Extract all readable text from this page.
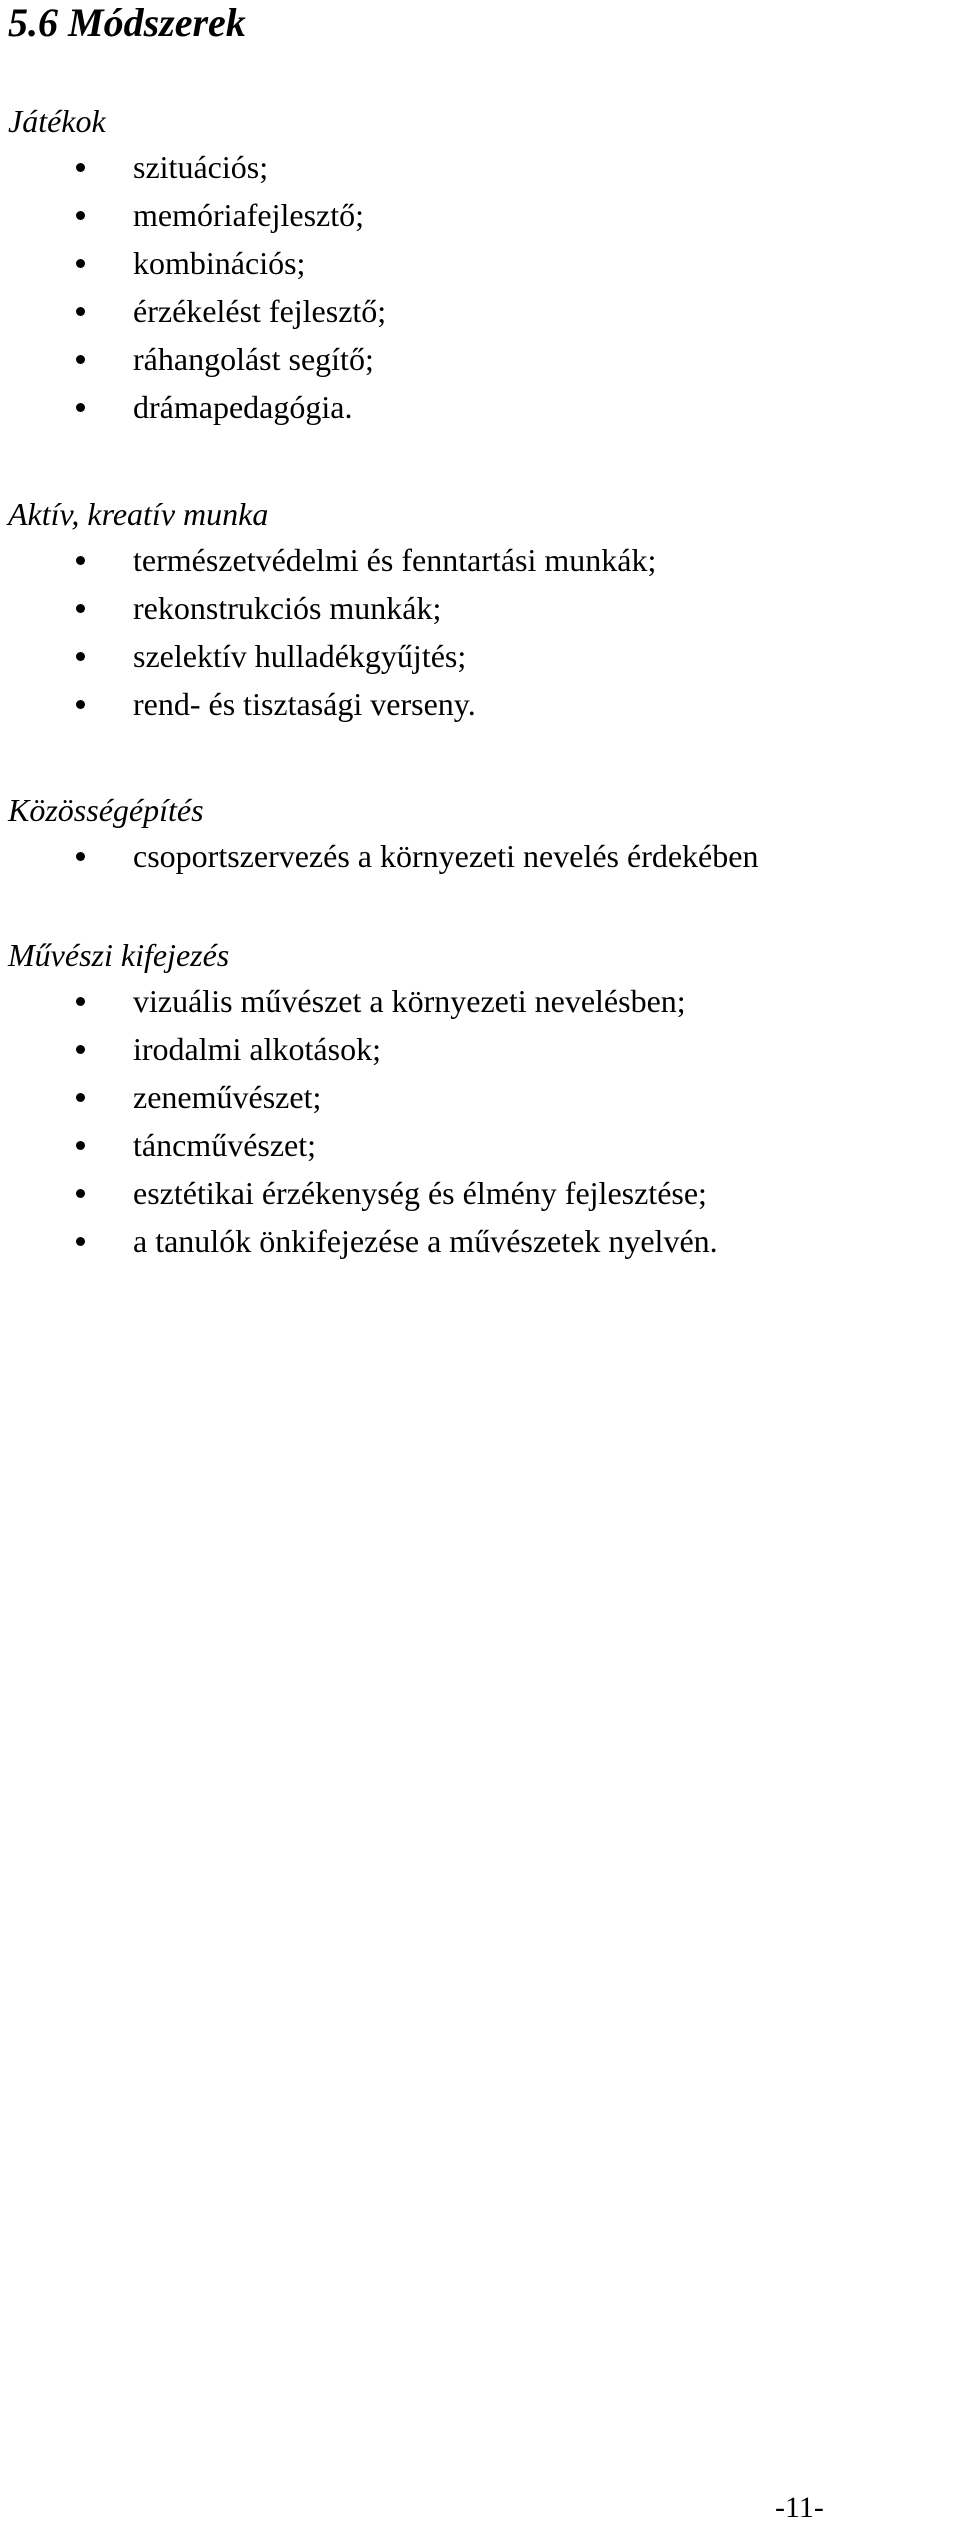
5.6 Módszerek
Játékok
szituációs;
memóriafejlesztő;
kombinációs;
érzékelést fejlesztő;
ráhangolást segítő;
drámapedagógia.
Aktív, kreatív munka
természetvédelmi és fenntartási munkák;
rekonstrukciós munkák;
szelektív hulladékgyűjtés;
rend- és tisztasági verseny.
Közösségépítés
csoportszervezés a környezeti nevelés érdekében
Művészi kifejezés
vizuális művészet a környezeti nevelésben;
irodalmi alkotások;
zeneművészet;
táncművészet;
esztétikai érzékenység és élmény fejlesztése;
a tanulók önkifejezése a művészetek nyelvén.
-11-
